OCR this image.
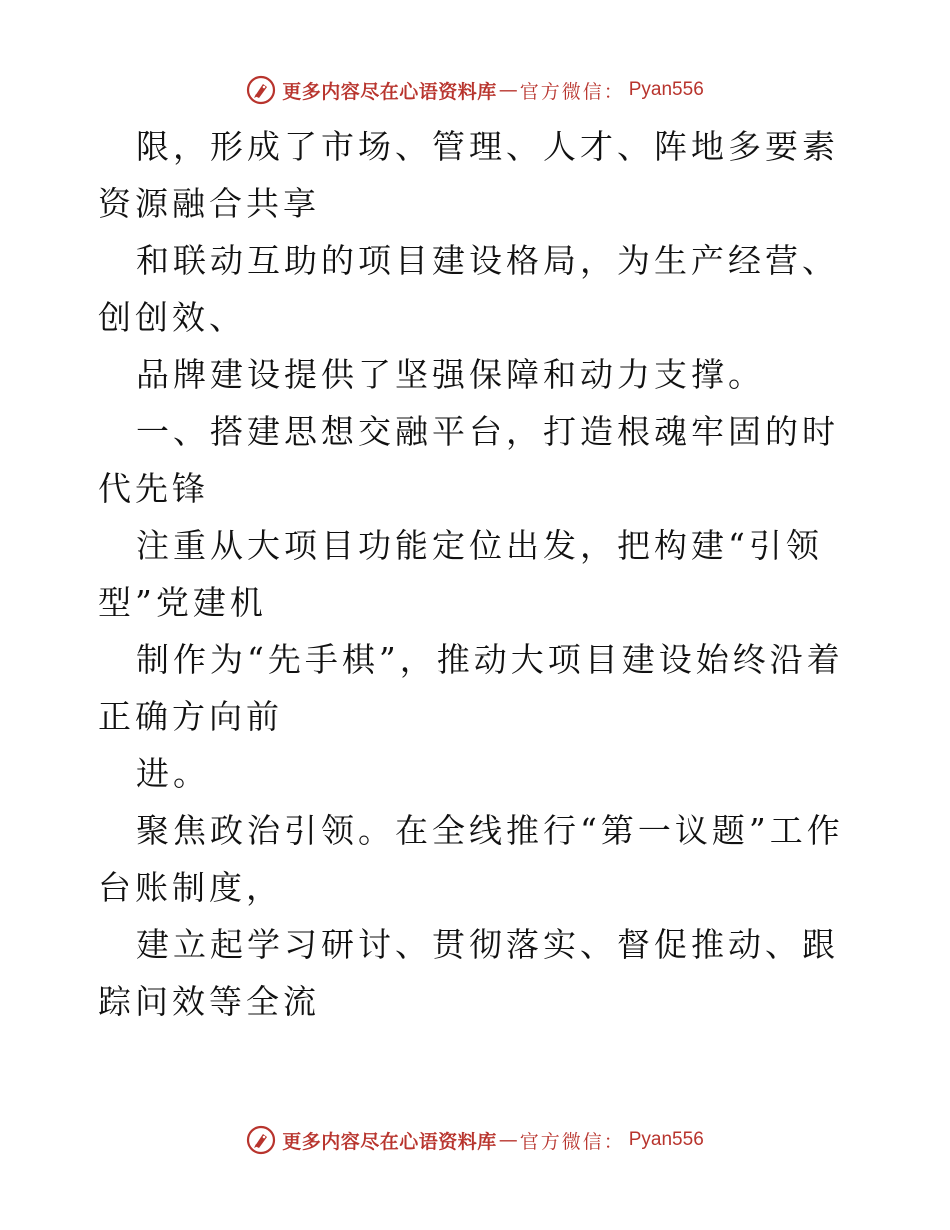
更多内容尽在心语资料库 — 官方微信： Pyan556

限，形成了市场、管理、人才、阵地多要素资源融合共享

和联动互助的项目建设格局，为生产经营、创创效、

品牌建设提供了坚强保障和动力支撑。

一、搭建思想交融平台，打造根魂牢固的时代先锋

注重从大项目功能定位出发，把构建“引领型”党建机

制作为“先手棋”，推动大项目建设始终沿着正确方向前

进。

聚焦政治引领。在全线推行“第一议题”工作台账制度，

建立起学习研讨、贯彻落实、督促推动、跟踪问效等全流

更多内容尽在心语资料库 — 官方微信： Pyan556
